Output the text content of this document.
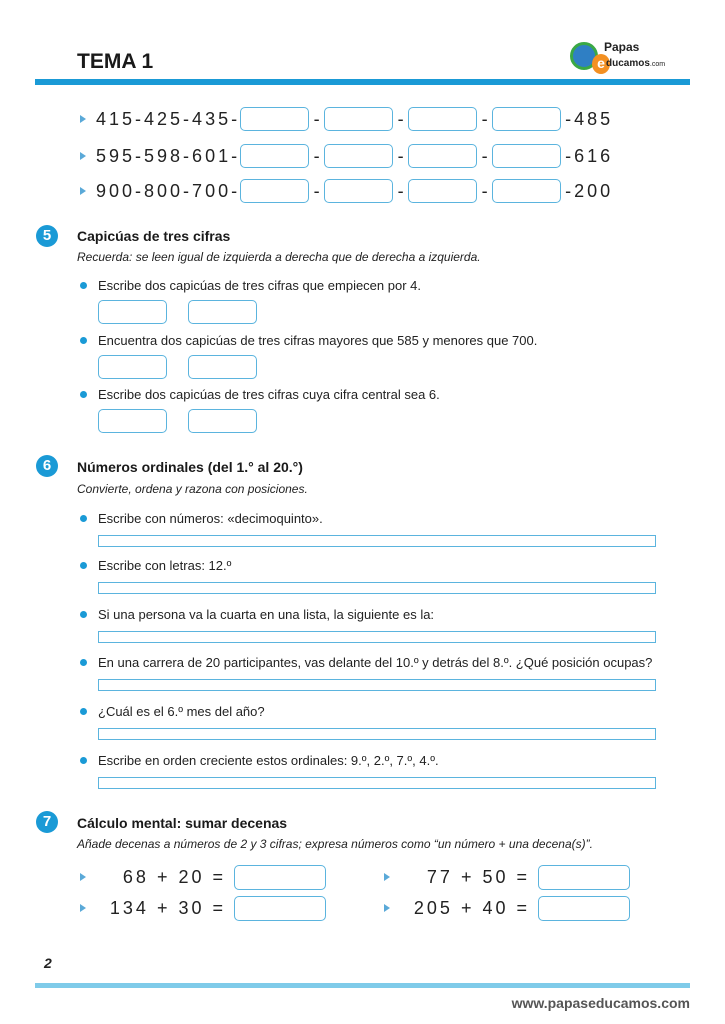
TEMA 1	e
Papas
ducamos.com
415-425-435-	-	-	-	-485
595-598-601-	-	-	-	-616
900-800-700-	-	-	-	-200
5	Capicúas de tres cifras
Recuerda: se leen igual de izquierda a derecha que de derecha a izquierda.
Escribe dos capicúas de tres cifras que empiecen por 4.
Encuentra dos capicúas de tres cifras mayores que 585 y menores que 700.
Escribe dos capicúas de tres cifras cuya cifra central sea 6.
6	Números ordinales (del 1.° al 20.°)
Convierte, ordena y razona con posiciones.
Escribe con números: «decimoquinto».
Escribe con letras: 12.º
Si una persona va la cuarta en una lista, la siguiente es la:
En una carrera de 20 participantes, vas delante del 10.º y detrás del 8.º. ¿Qué posición ocupas?
¿Cuál es el 6.º mes del año?
Escribe en orden creciente estos ordinales: 9.º, 2.º, 7.º, 4.º.
7	Cálculo mental: sumar decenas
Añade decenas a números de 2 y 3 cifras; expresa números como “un número + una decena(s)”.
68 + 20 =	77 + 50 =
134 + 30 =	205 + 40 =
2
www.papaseducamos.com
